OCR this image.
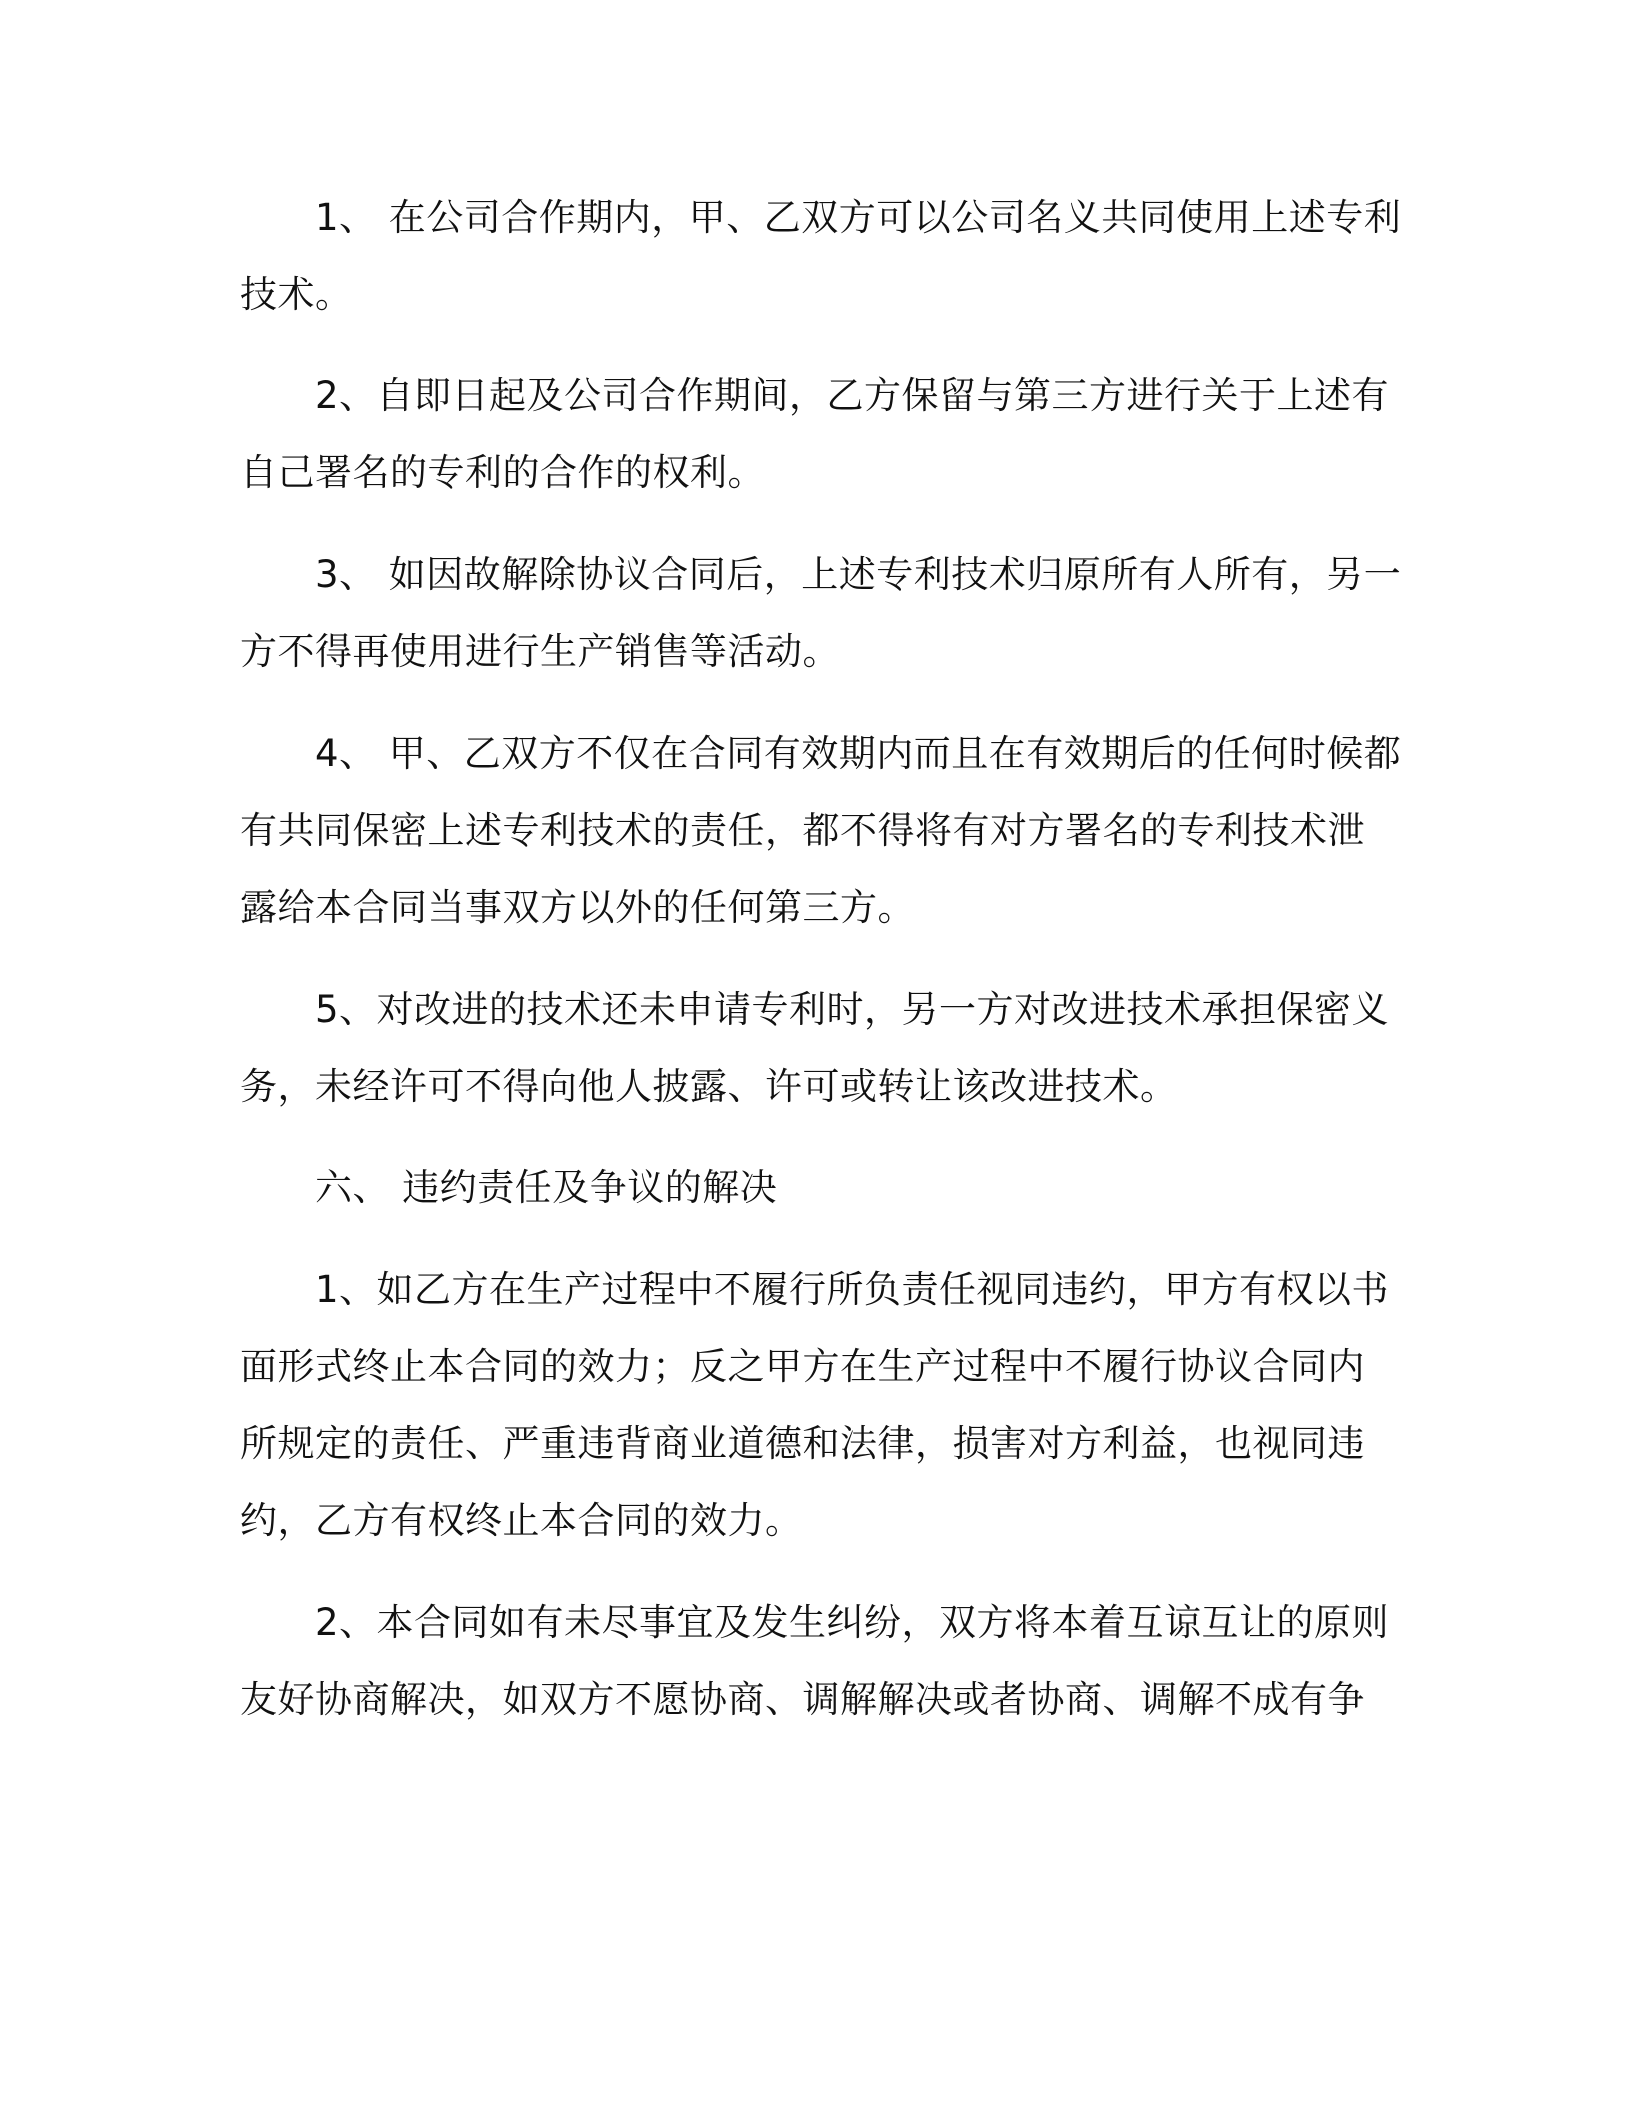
1、 在公司合作期内，甲、乙双方可以公司名义共同使用上述专利

技术。

2、自即日起及公司合作期间，乙方保留与第三方进行关于上述有

自己署名的专利的合作的权利。

3、 如因故解除协议合同后，上述专利技术归原所有人所有，另一

方不得再使用进行生产销售等活动。

4、 甲、乙双方不仅在合同有效期内而且在有效期后的任何时候都

有共同保密上述专利技术的责任，都不得将有对方署名的专利技术泄

露给本合同当事双方以外的任何第三方。

5、对改进的技术还未申请专利时，另一方对改进技术承担保密义

务，未经许可不得向他人披露、许可或转让该改进技术。

六、 违约责任及争议的解决

1、如乙方在生产过程中不履行所负责任视同违约，甲方有权以书

面形式终止本合同的效力；反之甲方在生产过程中不履行协议合同内

所规定的责任、严重违背商业道德和法律，损害对方利益，也视同违

约，乙方有权终止本合同的效力。

2、本合同如有未尽事宜及发生纠纷，双方将本着互谅互让的原则

友好协商解决，如双方不愿协商、调解解决或者协商、调解不成有争
